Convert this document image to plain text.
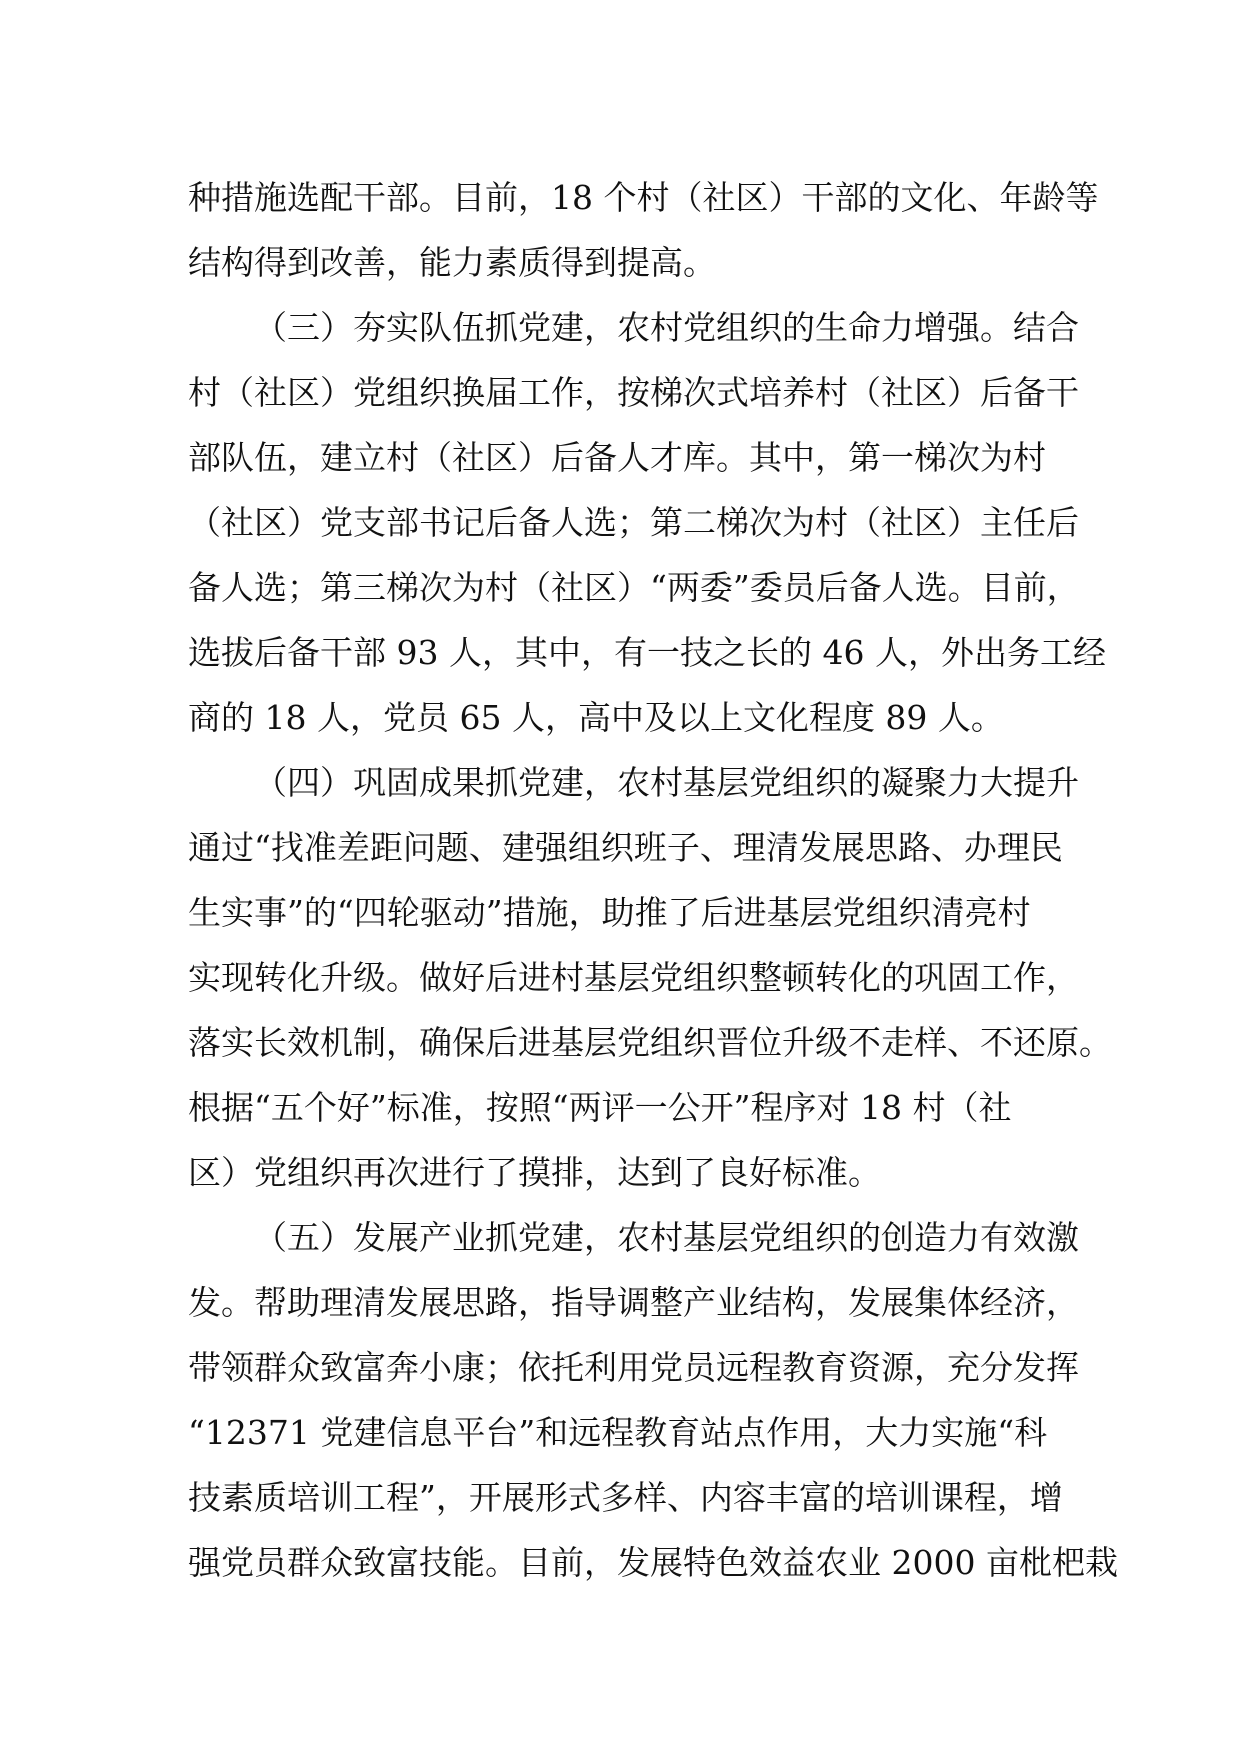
种措施选配干部。目前，18 个村（社区）干部的文化、年龄等
结构得到改善，能力素质得到提高。
（三）夯实队伍抓党建，农村党组织的生命力增强。结合
村（社区）党组织换届工作，按梯次式培养村（社区）后备干
部队伍，建立村（社区）后备人才库。其中，第一梯次为村
（社区）党支部书记后备人选；第二梯次为村（社区）主任后
备人选；第三梯次为村（社区）“两委”委员后备人选。目前，
选拔后备干部 93 人，其中，有一技之长的 46 人，外出务工经
商的 18 人，党员 65 人，高中及以上文化程度 89 人。
（四）巩固成果抓党建，农村基层党组织的凝聚力大提升
通过“找准差距问题、建强组织班子、理清发展思路、办理民
生实事”的“四轮驱动”措施，助推了后进基层党组织清亮村
实现转化升级。做好后进村基层党组织整顿转化的巩固工作，
落实长效机制，确保后进基层党组织晋位升级不走样、不还原。
根据“五个好”标准，按照“两评一公开”程序对 18 村（社
区）党组织再次进行了摸排，达到了良好标准。
（五）发展产业抓党建，农村基层党组织的创造力有效激
发。帮助理清发展思路，指导调整产业结构，发展集体经济，
带领群众致富奔小康；依托利用党员远程教育资源，充分发挥
“12371 党建信息平台”和远程教育站点作用，大力实施“科
技素质培训工程”，开展形式多样、内容丰富的培训课程，增
强党员群众致富技能。目前，发展特色效益农业 2000 亩枇杷栽
